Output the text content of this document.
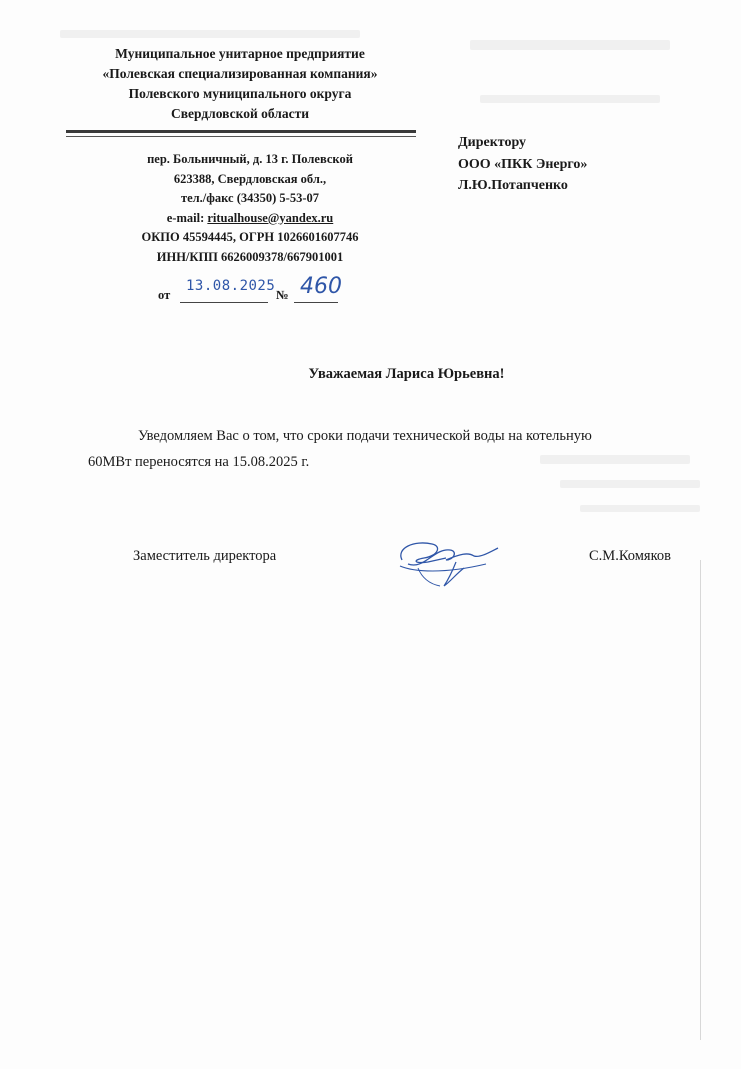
Муниципальное унитарное предприятие
«Полевская специализированная компания»
Полевского муниципального округа
Свердловской области
пер. Больничный, д. 13 г. Полевской
623388, Свердловская обл.,
тел./факс (34350) 5-53-07
e-mail: ritualhouse@yandex.ru
ОКПО 45594445, ОГРН 1026601607746
ИНН/КПП 6626009378/667901001
от
13.08.2025
№ 460
Директору
ООО «ПКК Энерго»
Л.Ю.Потапченко
Уважаемая Лариса Юрьевна!
Уведомляем Вас о том, что сроки подачи технической воды на котельную
60МВт переносятся на 15.08.2025 г.
Заместитель директора	С.М.Комяков
